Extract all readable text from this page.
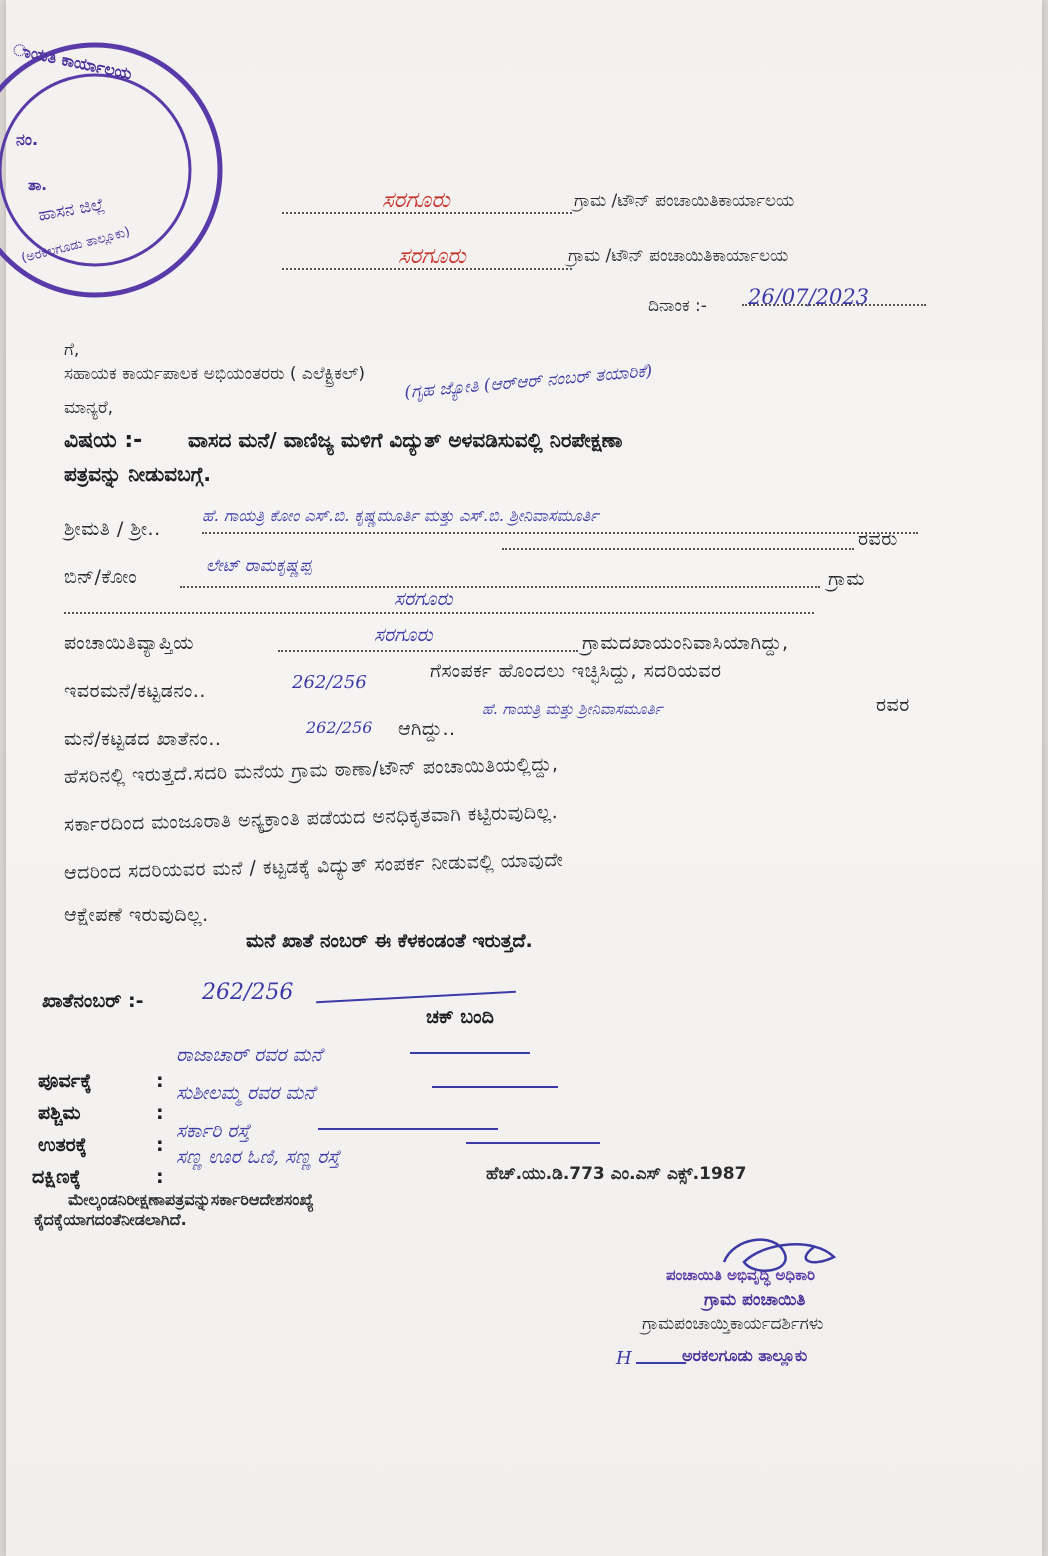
ಾಯತಿ ಕಾರ್ಯಾಲಯ
ನಂ.
ತಾ.
ಹಾಸನ ಜಿಲ್ಲೆ
(ಅರಕಲಗೂಡು ತಾಲ್ಲೂಕು)
ಸರಗೂರು	ಗ್ರಾಮ /ಟೌನ್ ಪಂಚಾಯಿತಿಕಾರ್ಯಾಲಯ
ಸರಗೂರು	ಗ್ರಾಮ /ಟೌನ್ ಪಂಚಾಯಿತಿಕಾರ್ಯಾಲಯ
ದಿನಾಂಕ :- 26/07/2023
ಗೆ,
ಸಹಾಯಕ ಕಾರ್ಯಪಾಲಕ ಅಭಿಯಂತರರು ( ಎಲೆಕ್ಟ್ರಿಕಲ್) (ಗೃಹ ಜ್ಯೋತಿ (ಆರ್‌ಆರ್ ನಂಬರ್ ತಯಾರಿಕೆ)
ಮಾನ್ಯರೆ,
ವಿಷಯ :- ವಾಸದ ಮನೆ/ ವಾಣಿಜ್ಯ ಮಳಿಗೆ ವಿದ್ಯುತ್ ಅಳವಡಿಸುವಲ್ಲಿ ನಿರಪೇಕ್ಷಣಾ
ಪತ್ರವನ್ನು ನೀಡುವಬಗ್ಗೆ.
ಶ್ರೀಮತಿ / ಶ್ರೀ..
ಹೆ. ಗಾಯತ್ರಿ ಕೋಂ ಎಸ್.ಬಿ. ಕೃಷ್ಣಮೂರ್ತಿ ಮತ್ತು ಎಸ್.ಬಿ. ಶ್ರೀನಿವಾಸಮೂರ್ತಿ
ರವರು
ಬಿನ್/ಕೋಂ	ಲೇಟ್ ರಾಮಕೃಷ್ಣಪ್ಪ
ಗ್ರಾಮ
ಸರಗೂರು
ಪಂಚಾಯಿತಿವ್ಯಾಪ್ತಿಯ	ಸರಗೂರು	ಗ್ರಾಮದಖಾಯಂನಿವಾಸಿಯಾಗಿದ್ದು,
ಇವರಮನೆ/ಕಟ್ಟಡನಂ..	262/256
ಗೆಸಂಪರ್ಕ ಹೊಂದಲು ಇಚ್ಛಿಸಿದ್ದು, ಸದರಿಯವರ
ಮನೆ/ಕಟ್ಟಡದ ಖಾತೆನಂ..
262/256 ಆಗಿದ್ದು..
ಹೆ. ಗಾಯತ್ರಿ ಮತ್ತು ಶ್ರೀನಿವಾಸಮೂರ್ತಿ	ರವರ
ಹೆಸರಿನಲ್ಲಿ ಇರುತ್ತದೆ.ಸದರಿ ಮನೆಯ ಗ್ರಾಮ ಠಾಣಾ/ಟೌನ್ ಪಂಚಾಯಿತಿಯಲ್ಲಿದ್ದು,
ಸರ್ಕಾರದಿಂದ ಮಂಜೂರಾತಿ ಅನ್ಯಕ್ರಾಂತಿ ಪಡೆಯದ ಅನಧಿಕೃತವಾಗಿ ಕಟ್ಟಿರುವುದಿಲ್ಲ.
ಆದರಿಂದ ಸದರಿಯವರ ಮನೆ / ಕಟ್ಟಡಕ್ಕೆ ವಿದ್ಯುತ್ ಸಂಪರ್ಕ ನೀಡುವಲ್ಲಿ ಯಾವುದೇ
ಆಕ್ಷೇಪಣೆ ಇರುವುದಿಲ್ಲ.
ಮನೆ ಖಾತೆ ನಂಬರ್ ಈ ಕೆಳಕಂಡಂತೆ ಇರುತ್ತದೆ.
ಖಾತೆನಂಬರ್ :-	262/256
ಚಕ್ ಬಂದಿ
ಪೂರ್ವಕ್ಕೆ	:
ರಾಜಾಚಾರ್ ರವರ ಮನೆ
ಪಶ್ಚಿಮ	:
ಸುಶೀಲಮ್ಮ ರವರ ಮನೆ
ಉತರಕ್ಕೆ	:
ಸರ್ಕಾರಿ ರಸ್ತೆ
ದಕ್ಷಿಣಕ್ಕೆ	:
ಸಣ್ಣ ಊರ ಓಣಿ, ಸಣ್ಣ ರಸ್ತೆ
ಹೆಚ್.ಯು.ಡಿ.773 ಎಂ.ಎಸ್ ಎಕ್ಸ್.1987
ಮೇಲ್ಕಂಡನಿರೀಕ್ಷಣಾಪತ್ರವನ್ನುಸರ್ಕಾರಿಆದೇಶಸಂಖ್ಯೆ
ಕೈದಕ್ಕೆಯಾಗದಂತೆನೀಡಲಾಗಿದೆ.
ಪಂಚಾಯಿತಿ ಅಭಿವೃದ್ಧಿ ಅಧಿಕಾರಿ
ಗ್ರಾಮ ಪಂಚಾಯಿತಿ
ಗ್ರಾಮಪಂಚಾಯ್ತಿಕಾರ್ಯದರ್ಶಿಗಳು
H	ಅರಕಲಗೂಡು ತಾಲ್ಲೂಕು
